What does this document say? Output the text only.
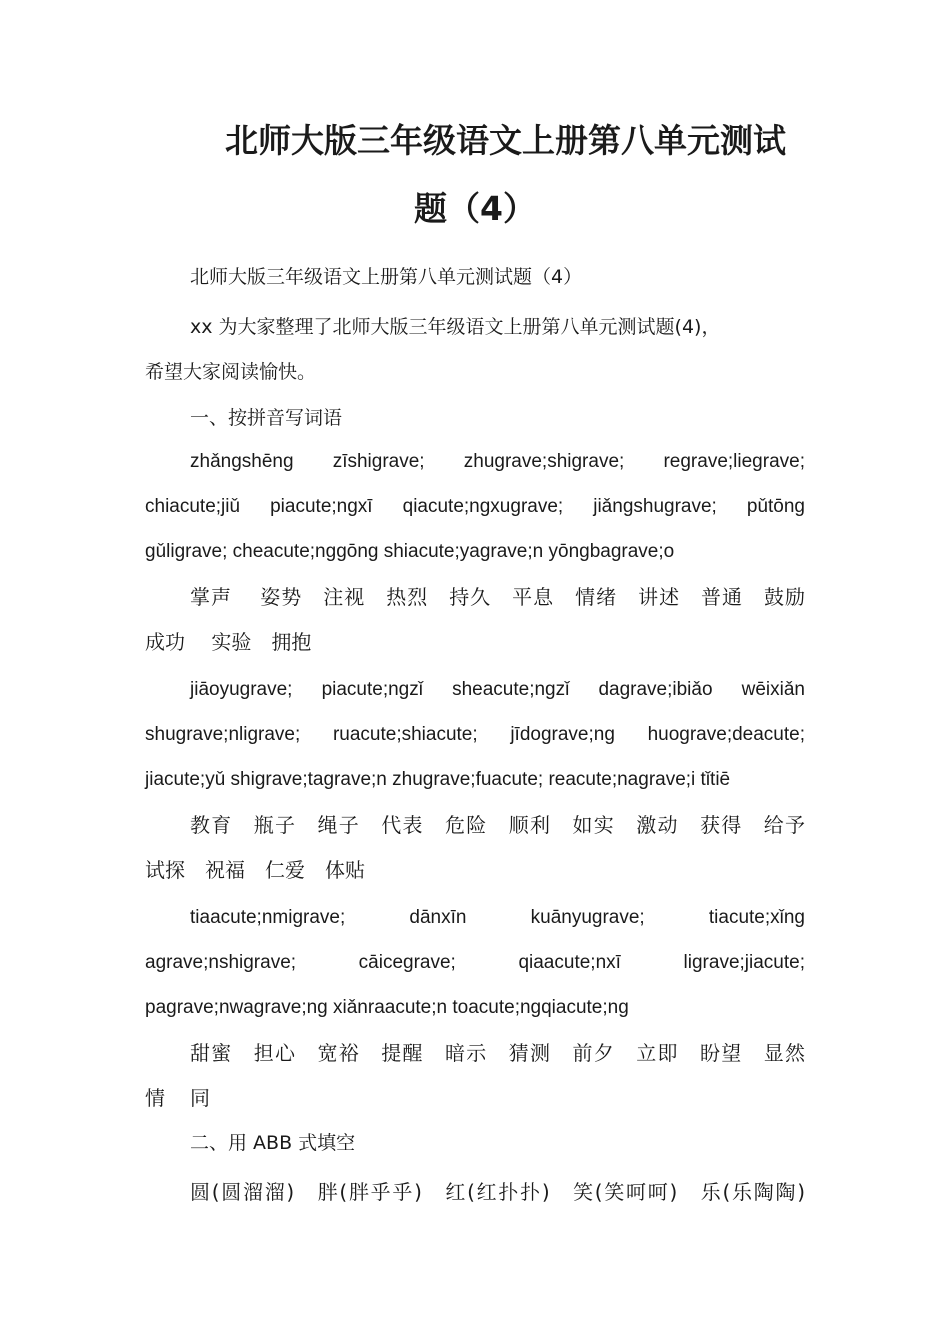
北师大版三年级语文上册第八单元测试
题（4）
北师大版三年级语文上册第八单元测试题（4）
xx 为大家整理了北师大版三年级语文上册第八单元测试题(4)，
希望大家阅读愉快。
一、按拼音写词语
zhǎngshēng　zīshigrave;　zhugrave;shigrave;　regrave;liegrave;
chiacute;jiǔ　piacute;ngxī　qiacute;ngxugrave;　jiǎngshugrave;　pǔtōng
gǔligrave; cheacute;nggōng shiacute;yagrave;n yōngbagrave;o
掌声　 姿势　注视　热烈　持久　平息　情绪　讲述　普通　鼓励
成功　 实验　拥抱
jiāoyugrave;　piacute;ngzǐ　sheacute;ngzǐ　dagrave;ibiǎo　wēixiǎn
shugrave;nligrave;　ruacute;shiacute;　jīdograve;ng　huograve;deacute;
jiacute;yǔ shigrave;tagrave;n zhugrave;fuacute; reacute;nagrave;i tǐtiē
教育　瓶子　绳子　代表　危险　顺利　如实　激动　获得　给予
试探　祝福　仁爱　体贴
tiaacute;nmigrave;　dānxīn　kuānyugrave;　tiacute;xǐng
agrave;nshigrave;　cāicegrave;　qiaacute;nxī　ligrave;jiacute;
pagrave;nwagrave;ng xiǎnraacute;n toacute;ngqiacute;ng
甜蜜　担心　宽裕　提醒　暗示　猜测　前夕　立即　盼望　显然　同
情
二、用 ABB 式填空
圆(圆溜溜)　胖(胖乎乎)　红(红扑扑)　笑(笑呵呵)　乐(乐陶陶)
